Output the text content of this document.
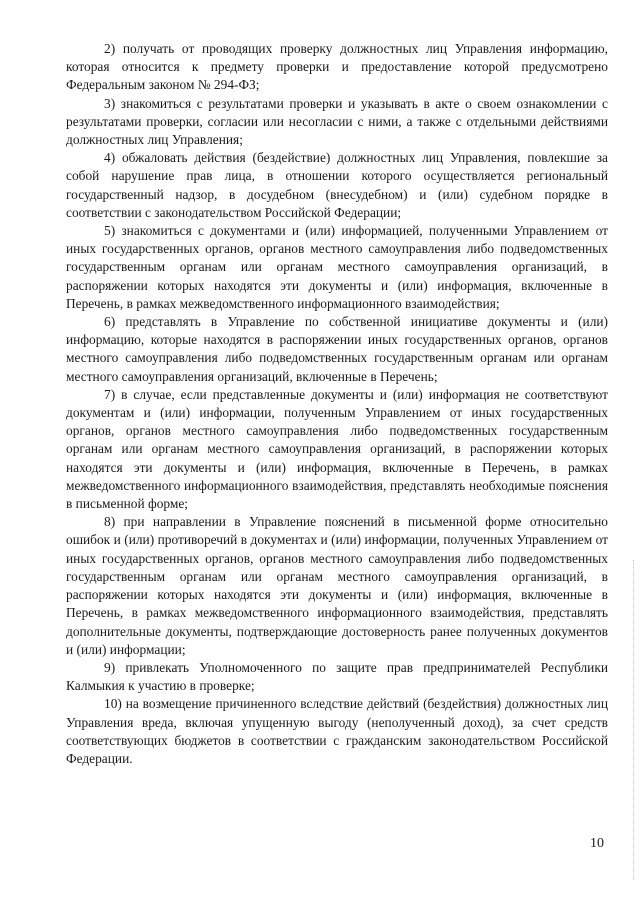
2) получать от проводящих проверку должностных лиц Управления информацию, которая относится к предмету проверки и предоставление которой предусмотрено Федеральным законом № 294-ФЗ;

3) знакомиться с результатами проверки и указывать в акте о своем ознакомлении с результатами проверки, согласии или несогласии с ними, а также с отдельными действиями должностных лиц Управления;

4) обжаловать действия (бездействие) должностных лиц Управления, повлекшие за собой нарушение прав лица, в отношении которого осуществляется региональный государственный надзор, в досудебном (внесудебном) и (или) судебном порядке в соответствии с законодательством Российской Федерации;

5) знакомиться с документами и (или) информацией, полученными Управлением от иных государственных органов, органов местного самоуправления либо подведомственных государственным органам или органам местного самоуправления организаций, в распоряжении которых находятся эти документы и (или) информация, включенные в Перечень, в рамках межведомственного информационного взаимодействия;

6) представлять в Управление по собственной инициативе документы и (или) информацию, которые находятся в распоряжении иных государственных органов, органов местного самоуправления либо подведомственных государственным органам или органам местного самоуправления организаций, включенные в Перечень;

7) в случае, если представленные документы и (или) информация не соответствуют документам и (или) информации, полученным Управлением от иных государственных органов, органов местного самоуправления либо подведомственных государственным органам или органам местного самоуправления организаций, в распоряжении которых находятся эти документы и (или) информация, включенные в Перечень, в рамках межведомственного информационного взаимодействия, представлять необходимые пояснения в письменной форме;

8) при направлении в Управление пояснений в письменной форме относительно ошибок и (или) противоречий в документах и (или) информации, полученных Управлением от иных государственных органов, органов местного самоуправления либо подведомственных государственным органам или органам местного самоуправления организаций, в распоряжении которых находятся эти документы и (или) информация, включенные в Перечень, в рамках межведомственного информационного взаимодействия, представлять дополнительные документы, подтверждающие достоверность ранее полученных документов и (или) информации;

9) привлекать Уполномоченного по защите прав предпринимателей Республики Калмыкия к участию в проверке;

10) на возмещение причиненного вследствие действий (бездействия) должностных лиц Управления вреда, включая упущенную выгоду (неполученный доход), за счет средств соответствующих бюджетов в соответствии с гражданским законодательством Российской Федерации.

10
